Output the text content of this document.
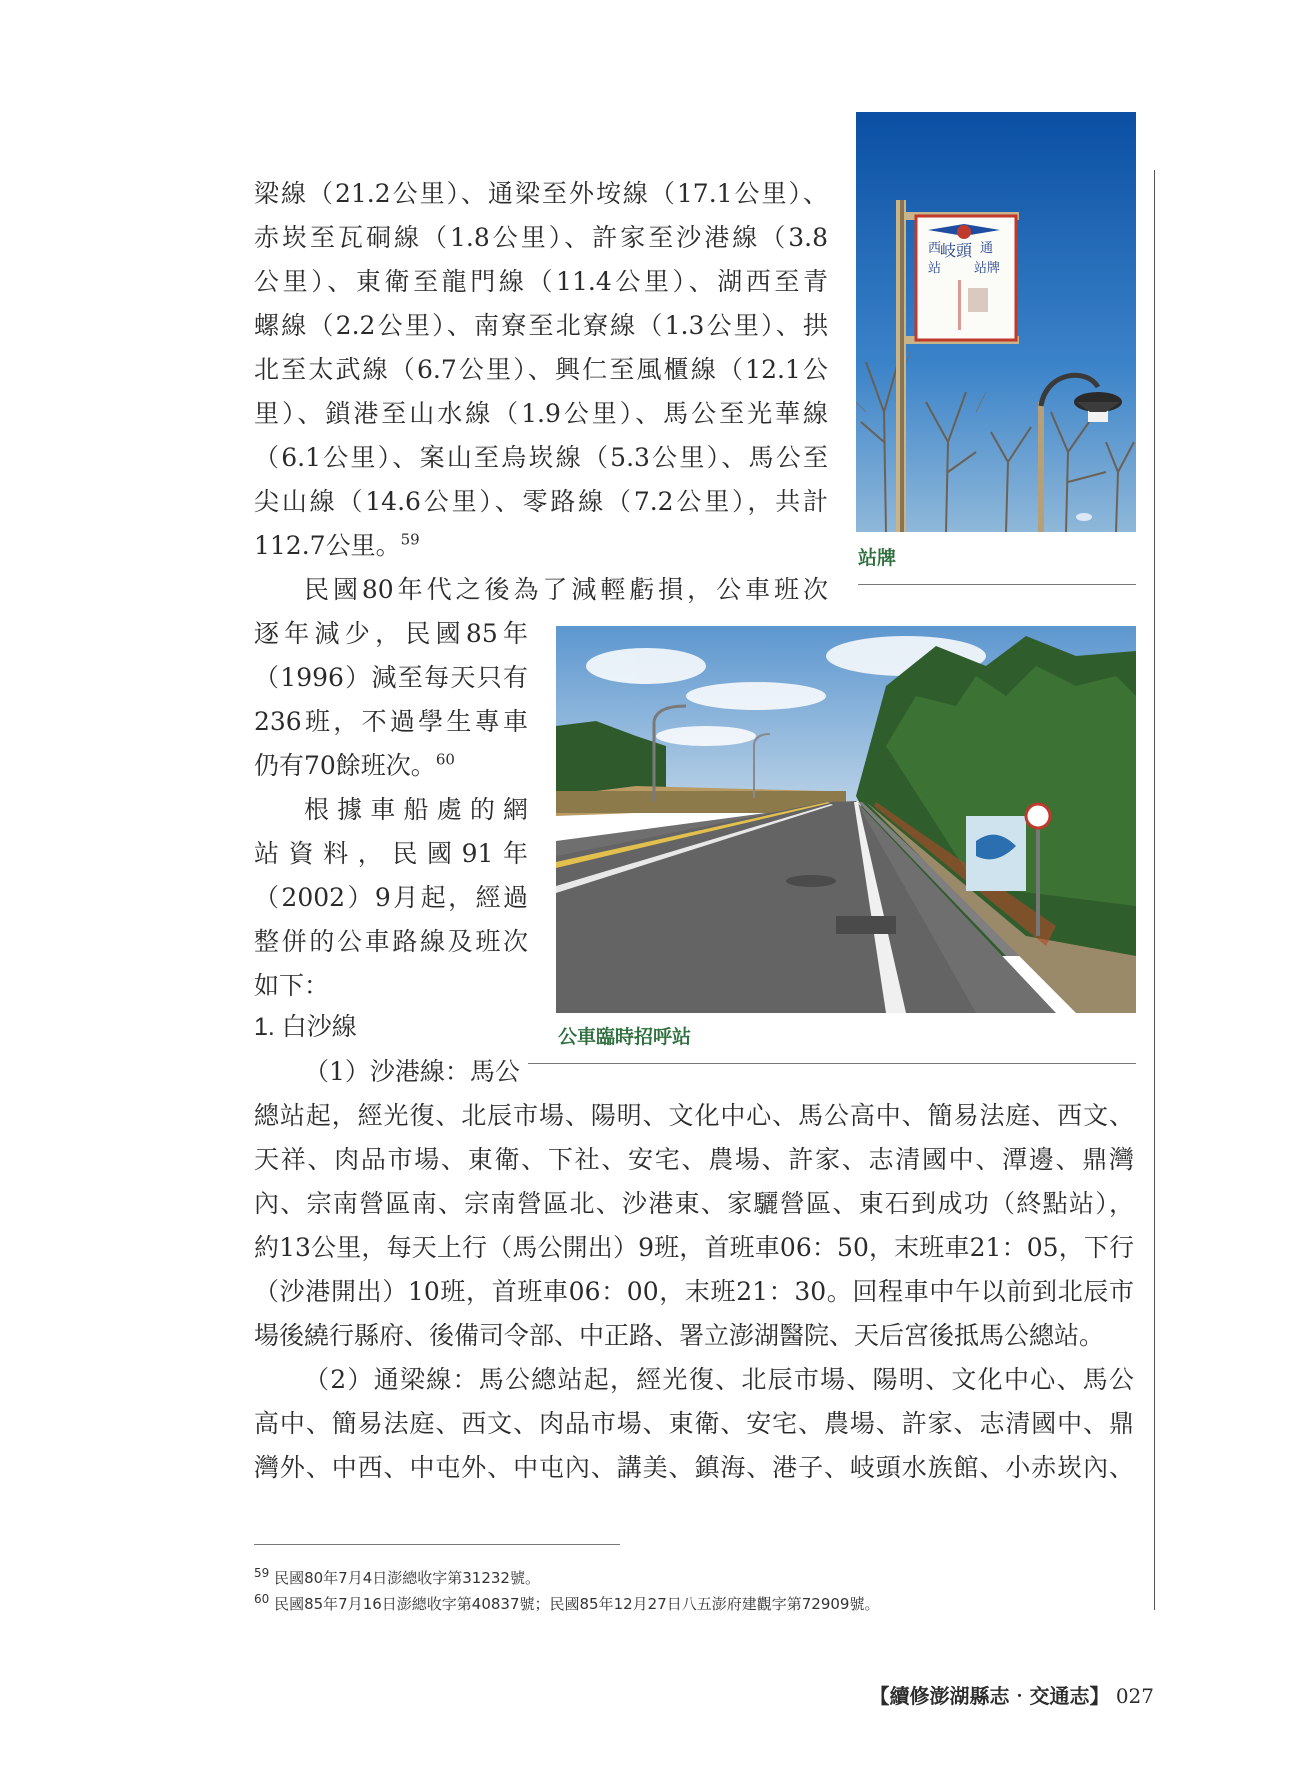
梁線（21.2公里）、通梁至外垵線（17.1公里）、
赤崁至瓦硐線（1.8公里）、許家至沙港線（3.8
公里）、東衛至龍門線（11.4公里）、湖西至青
螺線（2.2公里）、南寮至北寮線（1.3公里）、拱
北至太武線（6.7公里）、興仁至風櫃線（12.1公
里）、鎖港至山水線（1.9公里）、馬公至光華線
（6.1公里）、案山至烏崁線（5.3公里）、馬公至
尖山線（14.6公里）、零路線（7.2公里），共計
112.7公里。$^{59}$
民國80年代之後為了減輕虧損，公車班次
逐年減少，民國85年
（1996）減至每天只有
236班，不過學生專車
仍有70餘班次。$^{60}$
根據車船處的網
站資料，民國91年
（2002）9月起，經過
整併的公車路線及班次
如下：
1. 白沙線
（1）沙港線：馬公
總站起，經光復、北辰市場、陽明、文化中心、馬公高中、簡易法庭、西文、
天祥、肉品市場、東衛、下社、安宅、農場、許家、志清國中、潭邊、鼎灣
內、宗南營區南、宗南營區北、沙港東、家驪營區、東石到成功（終點站），
約13公里，每天上行（馬公開出）9班，首班車06：50，末班車21：05，下行
（沙港開出）10班，首班車06：00，末班21：30。回程車中午以前到北辰市
場後繞行縣府、後備司令部、中正路、署立澎湖醫院、天后宮後抵馬公總站。
（2）通梁線：馬公總站起，經光復、北辰市場、陽明、文化中心、馬公
高中、簡易法庭、西文、肉品市場、東衛、安宅、農場、許家、志清國中、鼎
灣外、中西、中屯外、中屯內、講美、鎮海、港子、岐頭水族館、小赤崁內、
西
岐頭 通
站	站牌
站牌
公車臨時招呼站
$^{59}$ 民國80年7月4日澎總收字第31232號。
$^{60}$ 民國85年7月16日澎總收字第40837號；民國85年12月27日八五澎府建觀字第72909號。
【續修澎湖縣志‧交通志】 027
